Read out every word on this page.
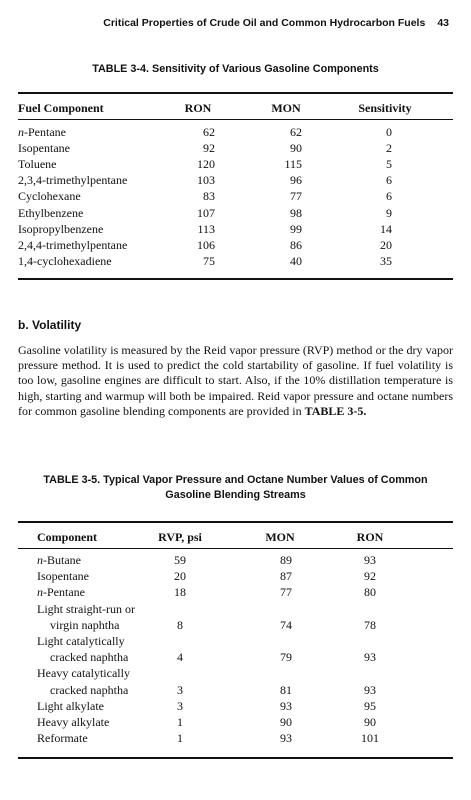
Critical Properties of Crude Oil and Common Hydrocarbon Fuels 43
TABLE 3-4. Sensitivity of Various Gasoline Components
Fuel Component	RON	MON	Sensitivity
n-Pentane	62	62	0
Isopentane	92	90	2
Toluene	120	115	5
2,3,4-trimethylpentane	103	96	6
Cyclohexane	83	77	6
Ethylbenzene	107	98	9
Isopropylbenzene	113	99	14
2,4,4-trimethylpentane	106	86	20
1,4-cyclohexadiene	75	40	35
b. Volatility
Gasoline volatility is measured by the Reid vapor pressure (RVP) method or the dry vapor pressure method. It is used to predict the cold startability of gasoline. If fuel volatility is too low, gasoline engines are difficult to start. Also, if the 10% distillation temperature is high, starting and warmup will both be impaired. Reid vapor pressure and octane numbers for common gasoline blending components are provided in TABLE 3-5.
TABLE 3-5. Typical Vapor Pressure and Octane Number Values of Common
Gasoline Blending Streams
Component	RVP, psi	MON	RON
n-Butane	59	89	93
Isopentane	20	87	92
n-Pentane	18	77	80
Light straight-run or
virgin naphtha	8	74	78
Light catalytically
cracked naphtha	4	79	93
Heavy catalytically
cracked naphtha	3	81	93
Light alkylate	3	93	95
Heavy alkylate	1	90	90
Reformate	1	93	101
